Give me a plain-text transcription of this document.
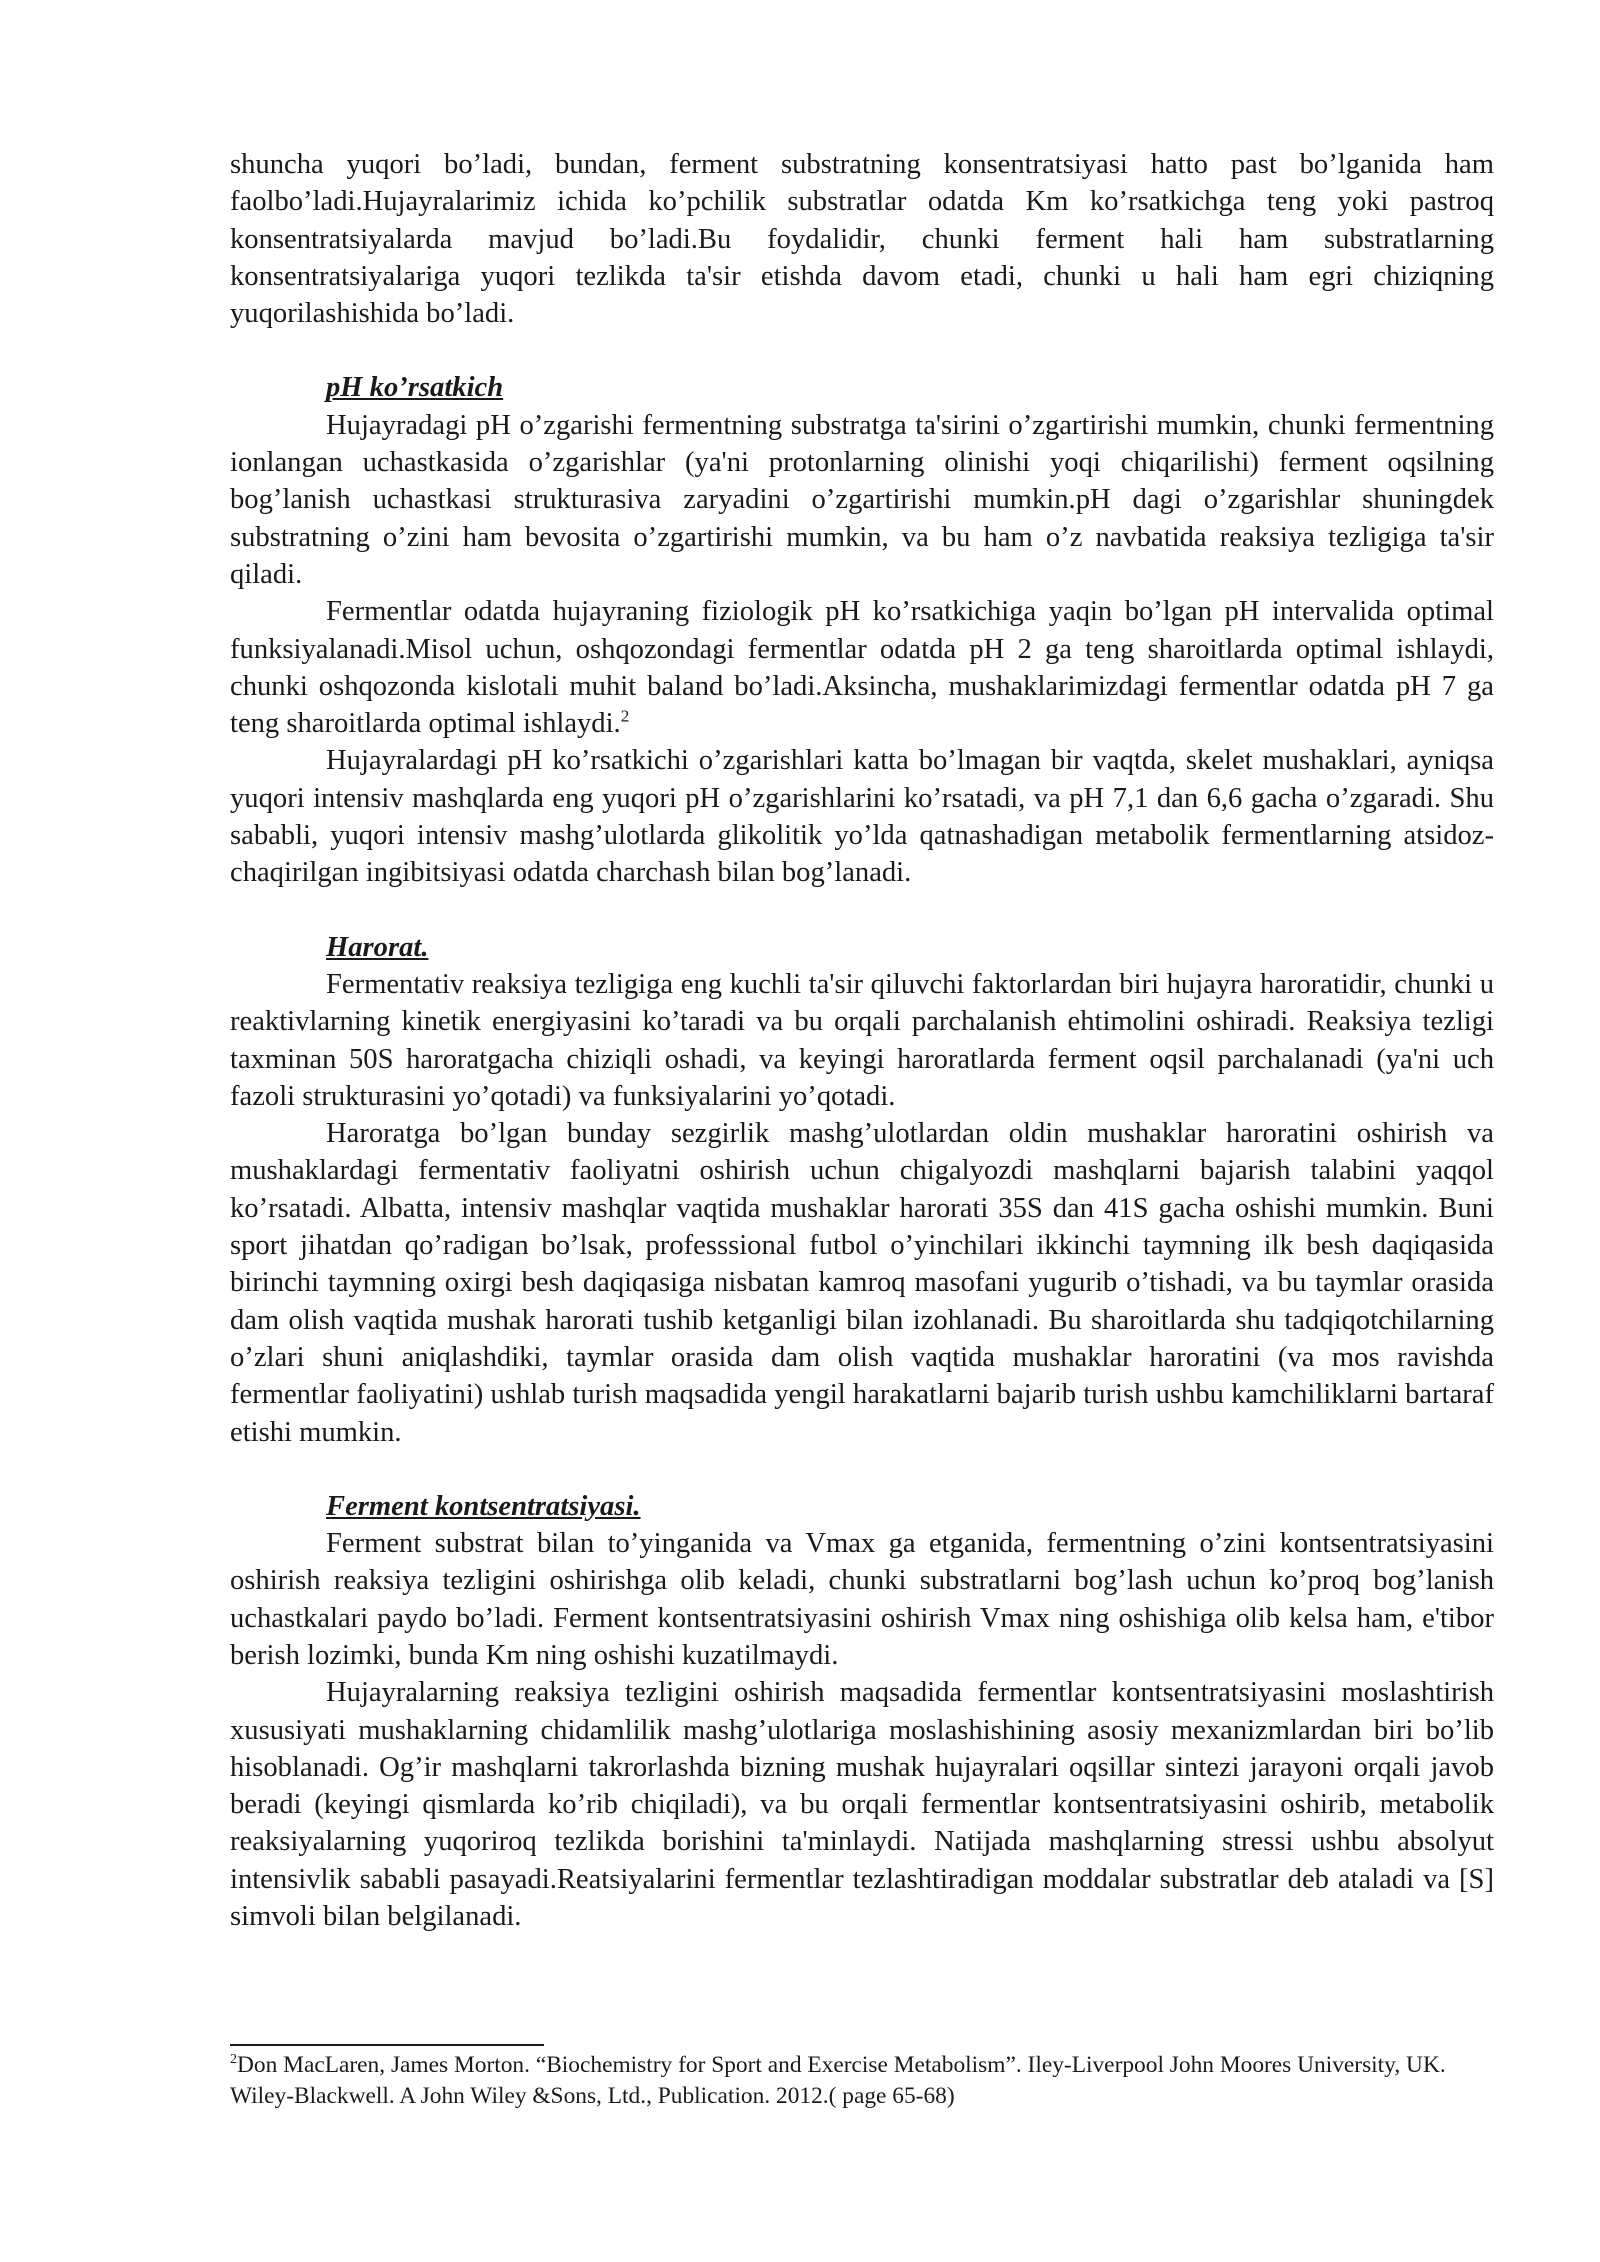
shuncha yuqori bo’ladi, bundan, ferment substratning konsentratsiyasi hatto past bo’lganida ham faolbo’ladi.Hujayralarimiz ichida ko’pchilik substratlar odatda Km ko’rsatkichga teng yoki pastroq konsentratsiyalarda mavjud bo’ladi.Bu foydalidir, chunki ferment hali ham substratlarning konsentratsiyalariga yuqori tezlikda ta'sir etishda davom etadi, chunki u hali ham egri chiziqning yuqorilashishida bo’ladi.

pH ko’rsatkich

Hujayradagi pH o’zgarishi fermentning substratga ta'sirini o’zgartirishi mumkin, chunki fermentning ionlangan uchastkasida o’zgarishlar (ya'ni protonlarning olinishi yoqi chiqarilishi) ferment oqsilning bog’lanish uchastkasi strukturasiva zaryadini o’zgartirishi mumkin.pH dagi o’zgarishlar shuningdek substratning o’zini ham bevosita o’zgartirishi mumkin, va bu ham o’z navbatida reaksiya tezligiga ta'sir qiladi.

Fermentlar odatda hujayraning fiziologik pH ko’rsatkichiga yaqin bo’lgan pH intervalida optimal funksiyalanadi.Misol uchun, oshqozondagi fermentlar odatda pH 2 ga teng sharoitlarda optimal ishlaydi, chunki oshqozonda kislotali muhit baland bo’ladi.Aksincha, mushaklarimizdagi fermentlar odatda pH 7 ga teng sharoitlarda optimal ishlaydi.$^2$

Hujayralardagi pH ko’rsatkichi o’zgarishlari katta bo’lmagan bir vaqtda, skelet mushaklari, ayniqsa yuqori intensiv mashqlarda eng yuqori pH o’zgarishlarini ko’rsatadi, va pH 7,1 dan 6,6 gacha o’zgaradi. Shu sababli, yuqori intensiv mashg’ulotlarda glikolitik yo’lda qatnashadigan metabolik fermentlarning atsidoz-chaqirilgan ingibitsiyasi odatda charchash bilan bog’lanadi.

Harorat.

Fermentativ reaksiya tezligiga eng kuchli ta'sir qiluvchi faktorlardan biri hujayra haroratidir, chunki u reaktivlarning kinetik energiyasini ko’taradi va bu orqali parchalanish ehtimolini oshiradi. Reaksiya tezligi taxminan 50S haroratgacha chiziqli oshadi, va keyingi haroratlarda ferment oqsil parchalanadi (ya'ni uch fazoli strukturasini yo’qotadi) va funksiyalarini yo’qotadi.

Haroratga bo’lgan bunday sezgirlik mashg’ulotlardan oldin mushaklar haroratini oshirish va mushaklardagi fermentativ faoliyatni oshirish uchun chigalyozdi mashqlarni bajarish talabini yaqqol ko’rsatadi. Albatta, intensiv mashqlar vaqtida mushaklar harorati 35S dan 41S gacha oshishi mumkin. Buni sport jihatdan qo’radigan bo’lsak, professsional futbol o’yinchilari ikkinchi taymning ilk besh daqiqasida birinchi taymning oxirgi besh daqiqasiga nisbatan kamroq masofani yugurib o’tishadi, va bu taymlar orasida dam olish vaqtida mushak harorati tushib ketganligi bilan izohlanadi. Bu sharoitlarda shu tadqiqotchilarning o’zlari shuni aniqlashdiki, taymlar orasida dam olish vaqtida mushaklar haroratini (va mos ravishda fermentlar faoliyatini) ushlab turish maqsadida yengil harakatlarni bajarib turish ushbu kamchiliklarni bartaraf etishi mumkin.

Ferment kontsentratsiyasi.

Ferment substrat bilan to’yinganida va Vmax ga etganida, fermentning o’zini kontsentratsiyasini oshirish reaksiya tezligini oshirishga olib keladi, chunki substratlarni bog’lash uchun ko’proq bog’lanish uchastkalari paydo bo’ladi. Ferment kontsentratsiyasini oshirish Vmax ning oshishiga olib kelsa ham, e'tibor berish lozimki, bunda Km ning oshishi kuzatilmaydi.

Hujayralarning reaksiya tezligini oshirish maqsadida fermentlar kontsentratsiyasini moslashtirish xususiyati mushaklarning chidamlilik mashg’ulotlariga moslashishining asosiy mexanizmlardan biri bo’lib hisoblanadi. Og’ir mashqlarni takrorlashda bizning mushak hujayralari oqsillar sintezi jarayoni orqali javob beradi (keyingi qismlarda ko’rib chiqiladi), va bu orqali fermentlar kontsentratsiyasini oshirib, metabolik reaksiyalarning yuqoriroq tezlikda borishini ta'minlaydi. Natijada mashqlarning stressi ushbu absolyut intensivlik sababli pasayadi.Reatsiyalarini fermentlar tezlashtiradigan moddalar substratlar deb ataladi va [S] simvoli bilan belgilanadi.

$^2$Don MacLaren, James Morton. “Biochemistry for Sport and Exercise Metabolism”. Iley-Liverpool John Moores University, UK. Wiley-Blackwell. A John Wiley &Sons, Ltd., Publication. 2012.( page 65-68)
